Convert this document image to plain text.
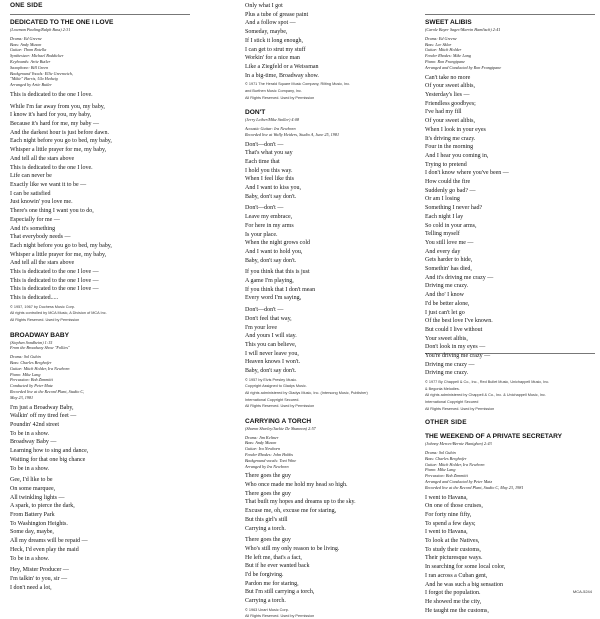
ONE SIDE
DEDICATED TO THE ONE I LOVE
(Lowman Pauling/Ralph Bass) 2:31
Drums: Ed Greene
Bass: Andy Muson
Guitar: Thom Rotella
Synthesizer: Michael Boddicker
Keyboards: Artie Butler
Saxophone: Bill Green
Background Vocals: Ellie Greenwich,
"Mikie" Harris, Ula Hedwig
Arranged by Artie Butler
This is dedicated to the one I love.
While I'm far away from you, my baby,
I know it's hard for you, my baby,
Because it's hard for me, my baby —
And the darkest hour is just before dawn.
Each night before you go to bed, my baby,
Whisper a little prayer for me, my baby,
And tell all the stars above
This is dedicated to the one I love.
Life can never be
Exactly like we want it to be —
I can be satisfied
Just knowin' you love me.
There's one thing I want you to do,
Especially for me —
And it's something
That everybody needs —
Each night before you go to bed, my baby,
Whisper a little prayer for me, my baby,
And tell all the stars above
This is dedicated to the one I love —
This is dedicated to the one I love —
This is dedicated to the one I love —
This is dedicated.....
© 1957, 1967 by Duchess Music Corp.
All rights controlled by MCA Music, A Division of MCA Inc.
All Rights Reserved. Used by Permission
BROADWAY BABY
(Stephen Sondheim) 1:15
From the Broadway Show "Follies"
Drums: Sol Gubin
Bass: Charles Berghofer
Guitar: Mitch Holder, Ira Newborn
Piano: Mike Lang
Percussion: Bob Zimmitti
Conducted by Peter Matz
Recorded live at the Record Plant, Studio C,
May 23, 1981
I'm just a Broadway Baby,
Walkin' off my tired feet —
Poundin' 42nd street
To be in a show.
Broadway Baby —
Learning how to sing and dance,
Waiting for that one big chance
To be in a show.
Gee, I'd like to be
On some marquee,
All twinkling lights —
A spark, to pierce the dark,
From Battery Park
To Washington Heights.
Some day, maybe,
All my dreams will be repaid —
Heck, I'd even play the maid
To be in a show.
Hey, Mister Producer —
I'm talkin' to you, sir —
I don't need a lot,
Only what I got
Plus a tube of grease paint
And a follow spot —
Someday, maybe,
If I stick it long enough,
I can get to strut my stuff
Workin' for a nice man
Like a Ziegfeld or a Weissman
In a big-time, Broadway show.
© 1971 The Herald Square Music Company, Rilting Music, Inc.
and Burthen Music Company, Inc.
All Rights Reserved. Used by Permission
DON'T
(Jerry Leiber/Mike Stoller) 4:08
Acoustic Guitar: Ira Newborn
Recorded live at Wally Heiders, Studio A, June 25, 1981
Don't—don't —
That's what you say
Each time that
I hold you this way.
When I feel like this
And I want to kiss you,
Baby, don't say don't.
Don't—don't —
Leave my embrace,
For here in my arms
Is your place.
When the night grows cold
And I want to hold you,
Baby, don't say don't.
If you think that this is just
A game I'm playing,
If you think that I don't mean
Every word I'm saying,
Don't—don't —
Don't feel that way,
I'm your love
And yours I will stay.
This you can believe,
I will never leave you,
Heaven knows I won't.
Baby, don't say don't.
© 1957 by Elvis Presley Music.
Copyright Assigned to Gladys Music.
All rights administered by Gladys Music, Inc. (Intersong Music, Publisher)
International Copyright Secured.
All Rights Reserved. Used by Permission
CARRYING A TORCH
(Sharon Sheeley/Jackie De Shannon) 2:57
Drums: Jim Keltner
Bass: Andy Muson
Guitar: Ira Newborn
Fender Rhodes: John Hobbs
Background vocals: Toni Wine
Arranged by Ira Newborn
There goes the guy
Who once made me hold my head so high.
There goes the guy
That built my hopes and dreams up to the sky.
Excuse me, oh, excuse me for staring,
But this girl's still
Carrying a torch.
There goes the guy
Who's still my only reason to be living.
He left me, that's a fact,
But if he ever wanted back
I'd be forgiving.
Pardon me for staring,
But I'm still carrying a torch,
Carrying a torch.
© 1963 Unart Music Corp.
All Rights Reserved. Used by Permission
SWEET ALIBIS
(Carole Bayer Sager/Marvin Hamlisch) 2:41
Drums: Ed Greene
Bass: Lee Sklar
Guitar: Mitch Holder
Fender Rhodes: Mike Lang
Piano: Ron Frangipane
Arranged and Conducted by Ron Frangipane
Can't take no more
Of your sweet alibis,
Yesterday's lies —
Friendless goodbyes;
I've had my fill
Of your sweet alibis,
When I look in your eyes
It's driving me crazy.
Four in the morning
And I hear you coming in,
Trying to pretend
I don't know where you've been —
How could the fire
Suddenly go bad? —
Or am I losing
Something I never had?
Each night I lay
So cold in your arms,
Telling myself
You still love me —
And every day
Gets harder to hide,
Somethin' has died,
And it's driving me crazy —
Driving me crazy.
And tho' I know
I'd be better alone,
I just can't let go
Of the best love I've known.
But could I live without
Your sweet alibis,
Don't look in my eyes —
You're driving me crazy —
Driving me crazy —
Driving me crazy.
© 1977 By Chappell & Co., Inc., Red Bullet Music, Unichappell Music, Inc.
& Begonia Melodies.
All rights administered by Chappell & Co., Inc. & Unichappell Music, Inc.
International Copyright Secured
All Rights Reserved. Used by Permission
OTHER SIDE
THE WEEKEND OF A PRIVATE SECRETARY
(Johnny Mercer/Bernie Hanighen) 2:43
Drums: Sol Gubin
Bass: Charles Berghofer
Guitar: Mitch Holder, Ira Newborn
Piano: Mike Lang
Percussion: Bob Zimmitti
Arranged and Conducted by Peter Matz
Recorded live at the Record Plant, Studio C, May 23, 1981
I went to Havana,
On one of those cruises,
For forty nine fifty,
To spend a few days;
I went to Havana,
To look at the Natives,
To study their customs,
Their picturesque ways.
In searching for some local color,
I ran across a Cuban gent,
And he was such a big sensation
I forgot the population.
He showed me the city,
He taught me the customs,
MCA-5244
